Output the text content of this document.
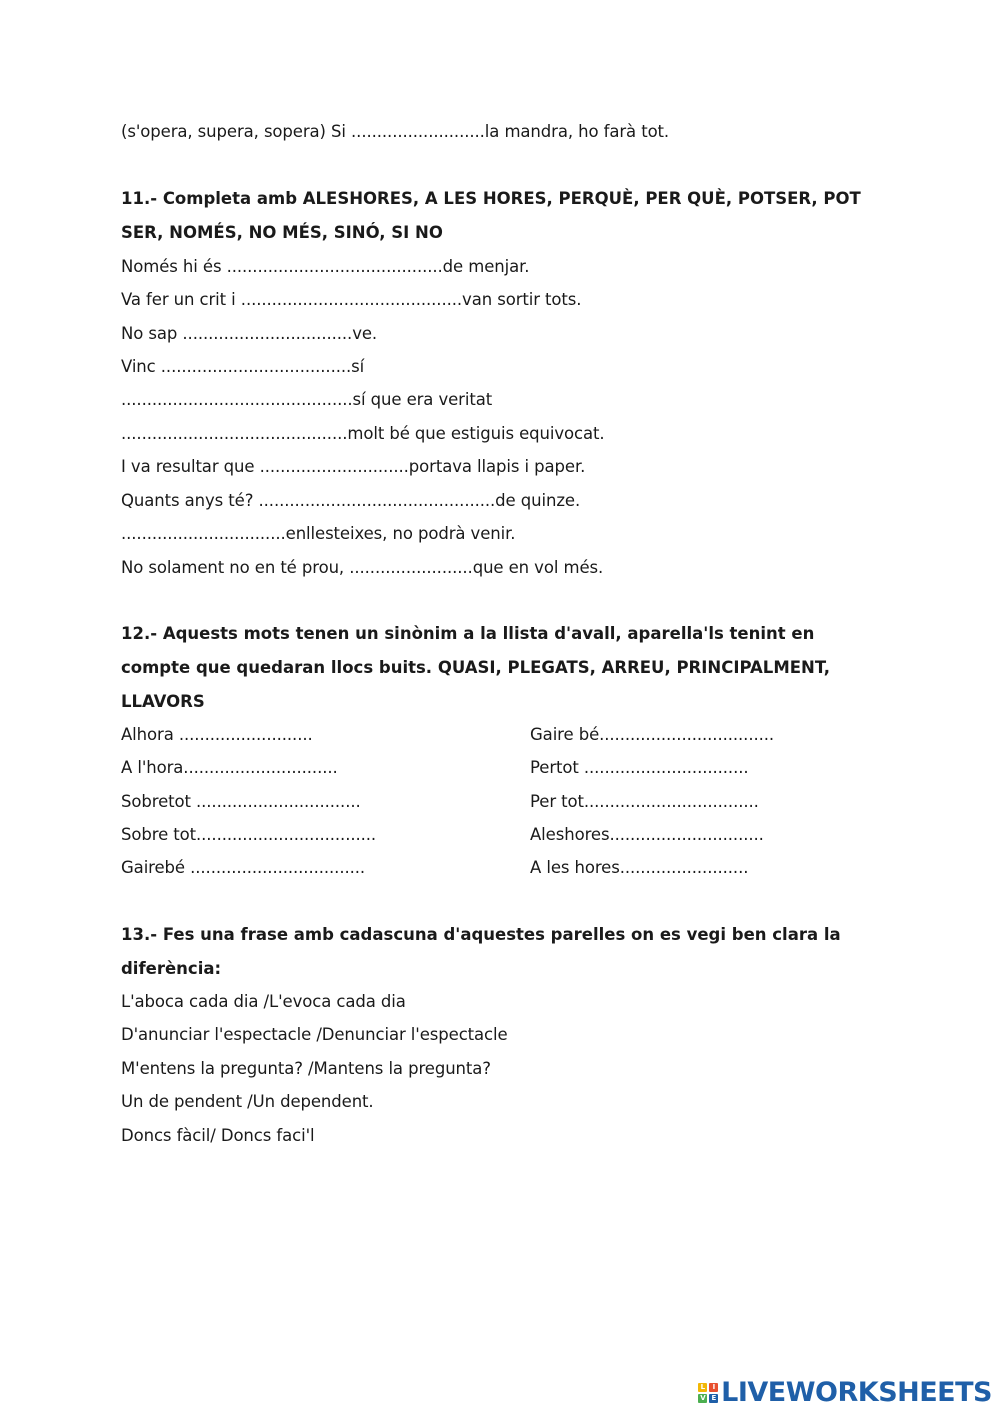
(s'opera, supera, sopera) Si ..........................la mandra, ho farà tot.
11.- Completa amb ALESHORES, A LES HORES, PERQUÈ, PER QUÈ, POTSER, POT SER, NOMÉS, NO MÉS, SINÓ, SI NO
Només hi és ..........................................de menjar.
Va fer un crit i ...........................................van sortir tots.
No sap .................................ve.
Vinc .....................................sí
.............................................sí que era veritat
............................................molt bé que estiguis equivocat.
I va resultar que .............................portava llapis i paper.
Quants anys té? ..............................................de quinze.
................................enllesteixes, no podrà venir.
No solament no en té prou, ........................que en vol més.
12.- Aquests mots tenen un sinònim a la llista d'avall, aparella'ls tenint en compte que quedaran llocs buits. QUASI, PLEGATS, ARREU, PRINCIPALMENT, LLAVORS
Alhora ..........................
A l'hora..............................
Sobretot ................................
Sobre tot...................................
Gairebé ..................................
Gaire bé..................................
Pertot ................................
Per tot..................................
Aleshores..............................
A les hores.........................
13.- Fes una frase amb cadascuna d'aquestes parelles on es vegi ben clara la diferència:
L'aboca cada dia /L'evoca cada dia
D'anunciar l'espectacle /Denunciar l'espectacle
M'entens la pregunta? /Mantens la pregunta?
Un de pendent /Un dependent.
Doncs fàcil/ Doncs faci'l
L	I
V E LIVEWORKSHEETS
